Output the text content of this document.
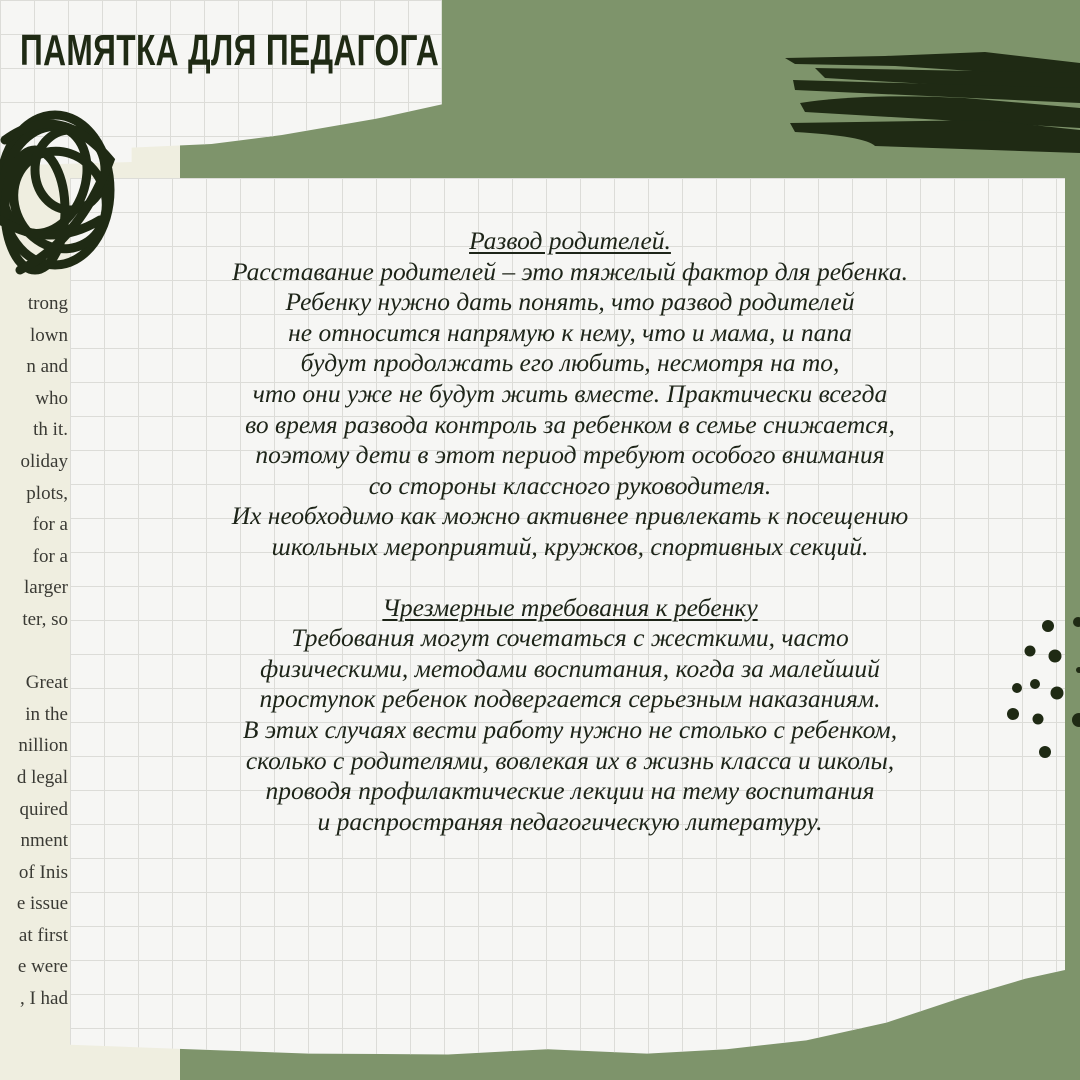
trong
lown
n and
who
th it.
oliday
plots,
for a
for a
larger
ter, so
Great
in the
nillion
d legal
quired
nment
of Inis
e issue
at first
e were
, I had
ПАМЯТКА ДЛЯ ПЕДАГОГА
Развод родителей.
Расставание родителей – это тяжелый фактор для ребенка.
Ребенку нужно дать понять, что развод родителей
не относится напрямую к нему, что и мама, и папа
будут продолжать его любить, несмотря на то,
что они уже не будут жить вместе. Практически всегда
во время развода контроль за ребенком в семье снижается,
поэтому дети в этот период требуют особого внимания
со стороны классного руководителя.
Их необходимо как можно активнее привлекать к посещению
школьных мероприятий, кружков, спортивных секций.
Чрезмерные требования к ребенку
Требования могут сочетаться с жесткими, часто
физическими, методами воспитания, когда за малейший
проступок ребенок подвергается серьезным наказаниям.
В этих случаях вести работу нужно не столько с ребенком,
сколько с родителями, вовлекая их в жизнь класса и школы,
проводя профилактические лекции на тему воспитания
и распространяя педагогическую литературу.
